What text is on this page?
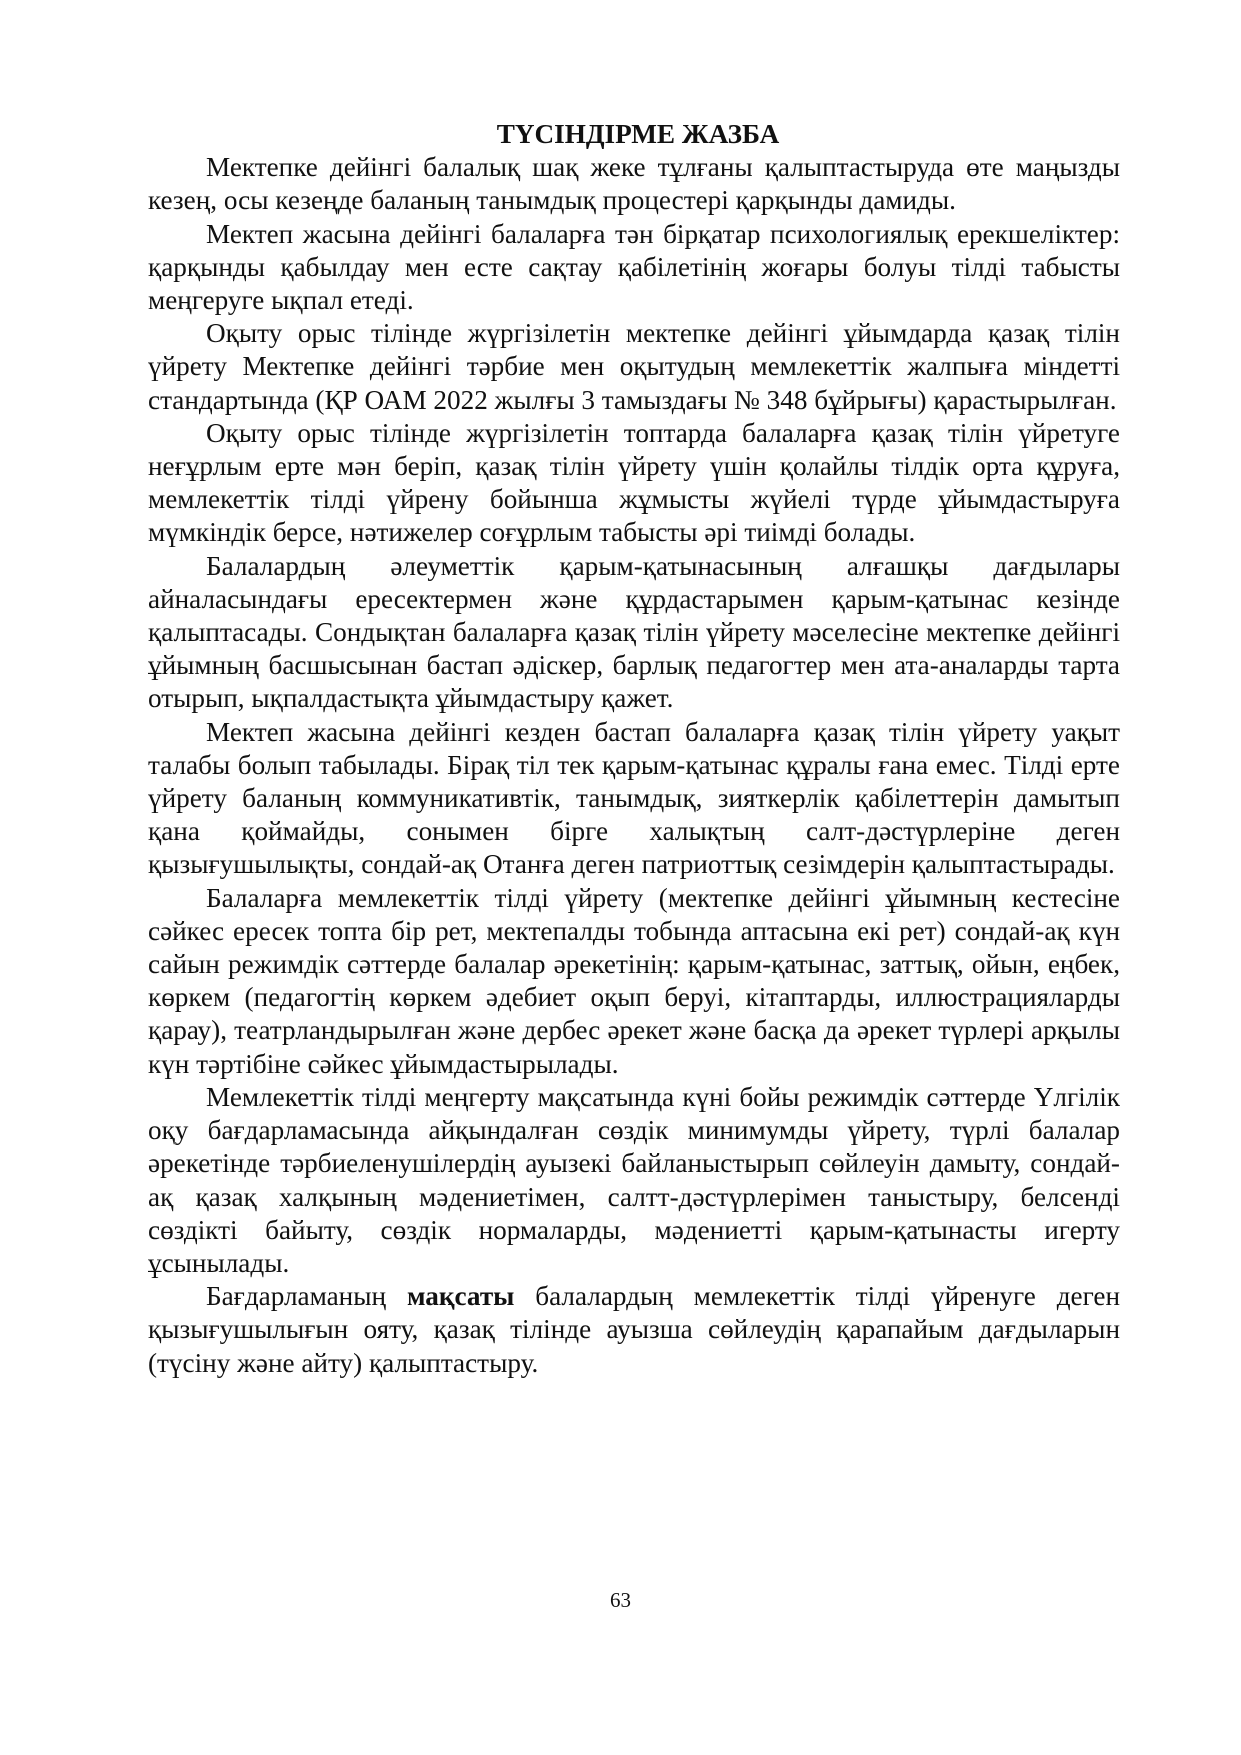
ТҮСІНДІРМЕ ЖАЗБА

Мектепке дейінгі балалық шақ жеке тұлғаны қалыптастыруда өте маңызды кезең, осы кезеңде баланың танымдық процестері қарқынды дамиды.

Мектеп жасына дейінгі балаларға тән бірқатар психологиялық ерекшеліктер: қарқынды қабылдау мен есте сақтау қабілетінің жоғары болуы тілді табысты меңгеруге ықпал етеді.

Оқыту орыс тілінде жүргізілетін мектепке дейінгі ұйымдарда қазақ тілін үйрету Мектепке дейінгі тәрбие мен оқытудың мемлекеттік жалпыға міндетті стандартында (ҚР ОАМ 2022 жылғы 3 тамыздағы № 348 бұйрығы) қарастырылған.

Оқыту орыс тілінде жүргізілетін топтарда балаларға қазақ тілін үйретуге неғұрлым ерте мән беріп, қазақ тілін үйрету үшін қолайлы тілдік орта құруға, мемлекеттік тілді үйрену бойынша жұмысты жүйелі түрде ұйымдастыруға мүмкіндік берсе, нәтижелер соғұрлым табысты әрі тиімді болады.

Балалардың әлеуметтік қарым-қатынасының алғашқы дағдылары айналасындағы ересектермен және құрдастарымен қарым-қатынас кезінде қалыптасады. Сондықтан балаларға қазақ тілін үйрету мәселесіне мектепке дейінгі ұйымның басшысынан бастап әдіскер, барлық педагогтер мен ата-аналарды тарта отырып, ықпалдастықта ұйымдастыру қажет.

Мектеп жасына дейінгі кезден бастап балаларға қазақ тілін үйрету уақыт талабы болып табылады. Бірақ тіл тек қарым-қатынас құралы ғана емес. Тілді ерте үйрету баланың коммуникативтік, танымдық, зияткерлік қабілеттерін дамытып қана қоймайды, сонымен бірге халықтың салт-дәстүрлеріне деген қызығушылықты, сондай-ақ Отанға деген патриоттық сезімдерін қалыптастырады.

Балаларға мемлекеттік тілді үйрету (мектепке дейінгі ұйымның кестесіне сәйкес ересек топта бір рет, мектепалды тобында аптасына екі рет) сондай-ақ күн сайын режимдік сәттерде балалар әрекетінің: қарым-қатынас, заттық, ойын, еңбек, көркем (педагогтің көркем әдебиет оқып беруі, кітаптарды, иллюстрацияларды қарау), театрландырылған және дербес әрекет және басқа да әрекет түрлері арқылы күн тәртібіне сәйкес ұйымдастырылады.

Мемлекеттік тілді меңгерту мақсатында күні бойы режимдік сәттерде Үлгілік оқу бағдарламасында айқындалған сөздік минимумды үйрету, түрлі балалар әрекетінде тәрбиеленушілердің ауызекі байланыстырып сөйлеуін дамыту, сондай-ақ қазақ халқының мәдениетімен, салтт-дәстүрлерімен таныстыру, белсенді сөздікті байыту, сөздік нормаларды, мәдениетті қарым-қатынасты игерту ұсынылады.

Бағдарламаның мақсаты балалардың мемлекеттік тілді үйренуге деген қызығушылығын ояту, қазақ тілінде ауызша сөйлеудің қарапайым дағдыларын (түсіну және айту) қалыптастыру.

63
